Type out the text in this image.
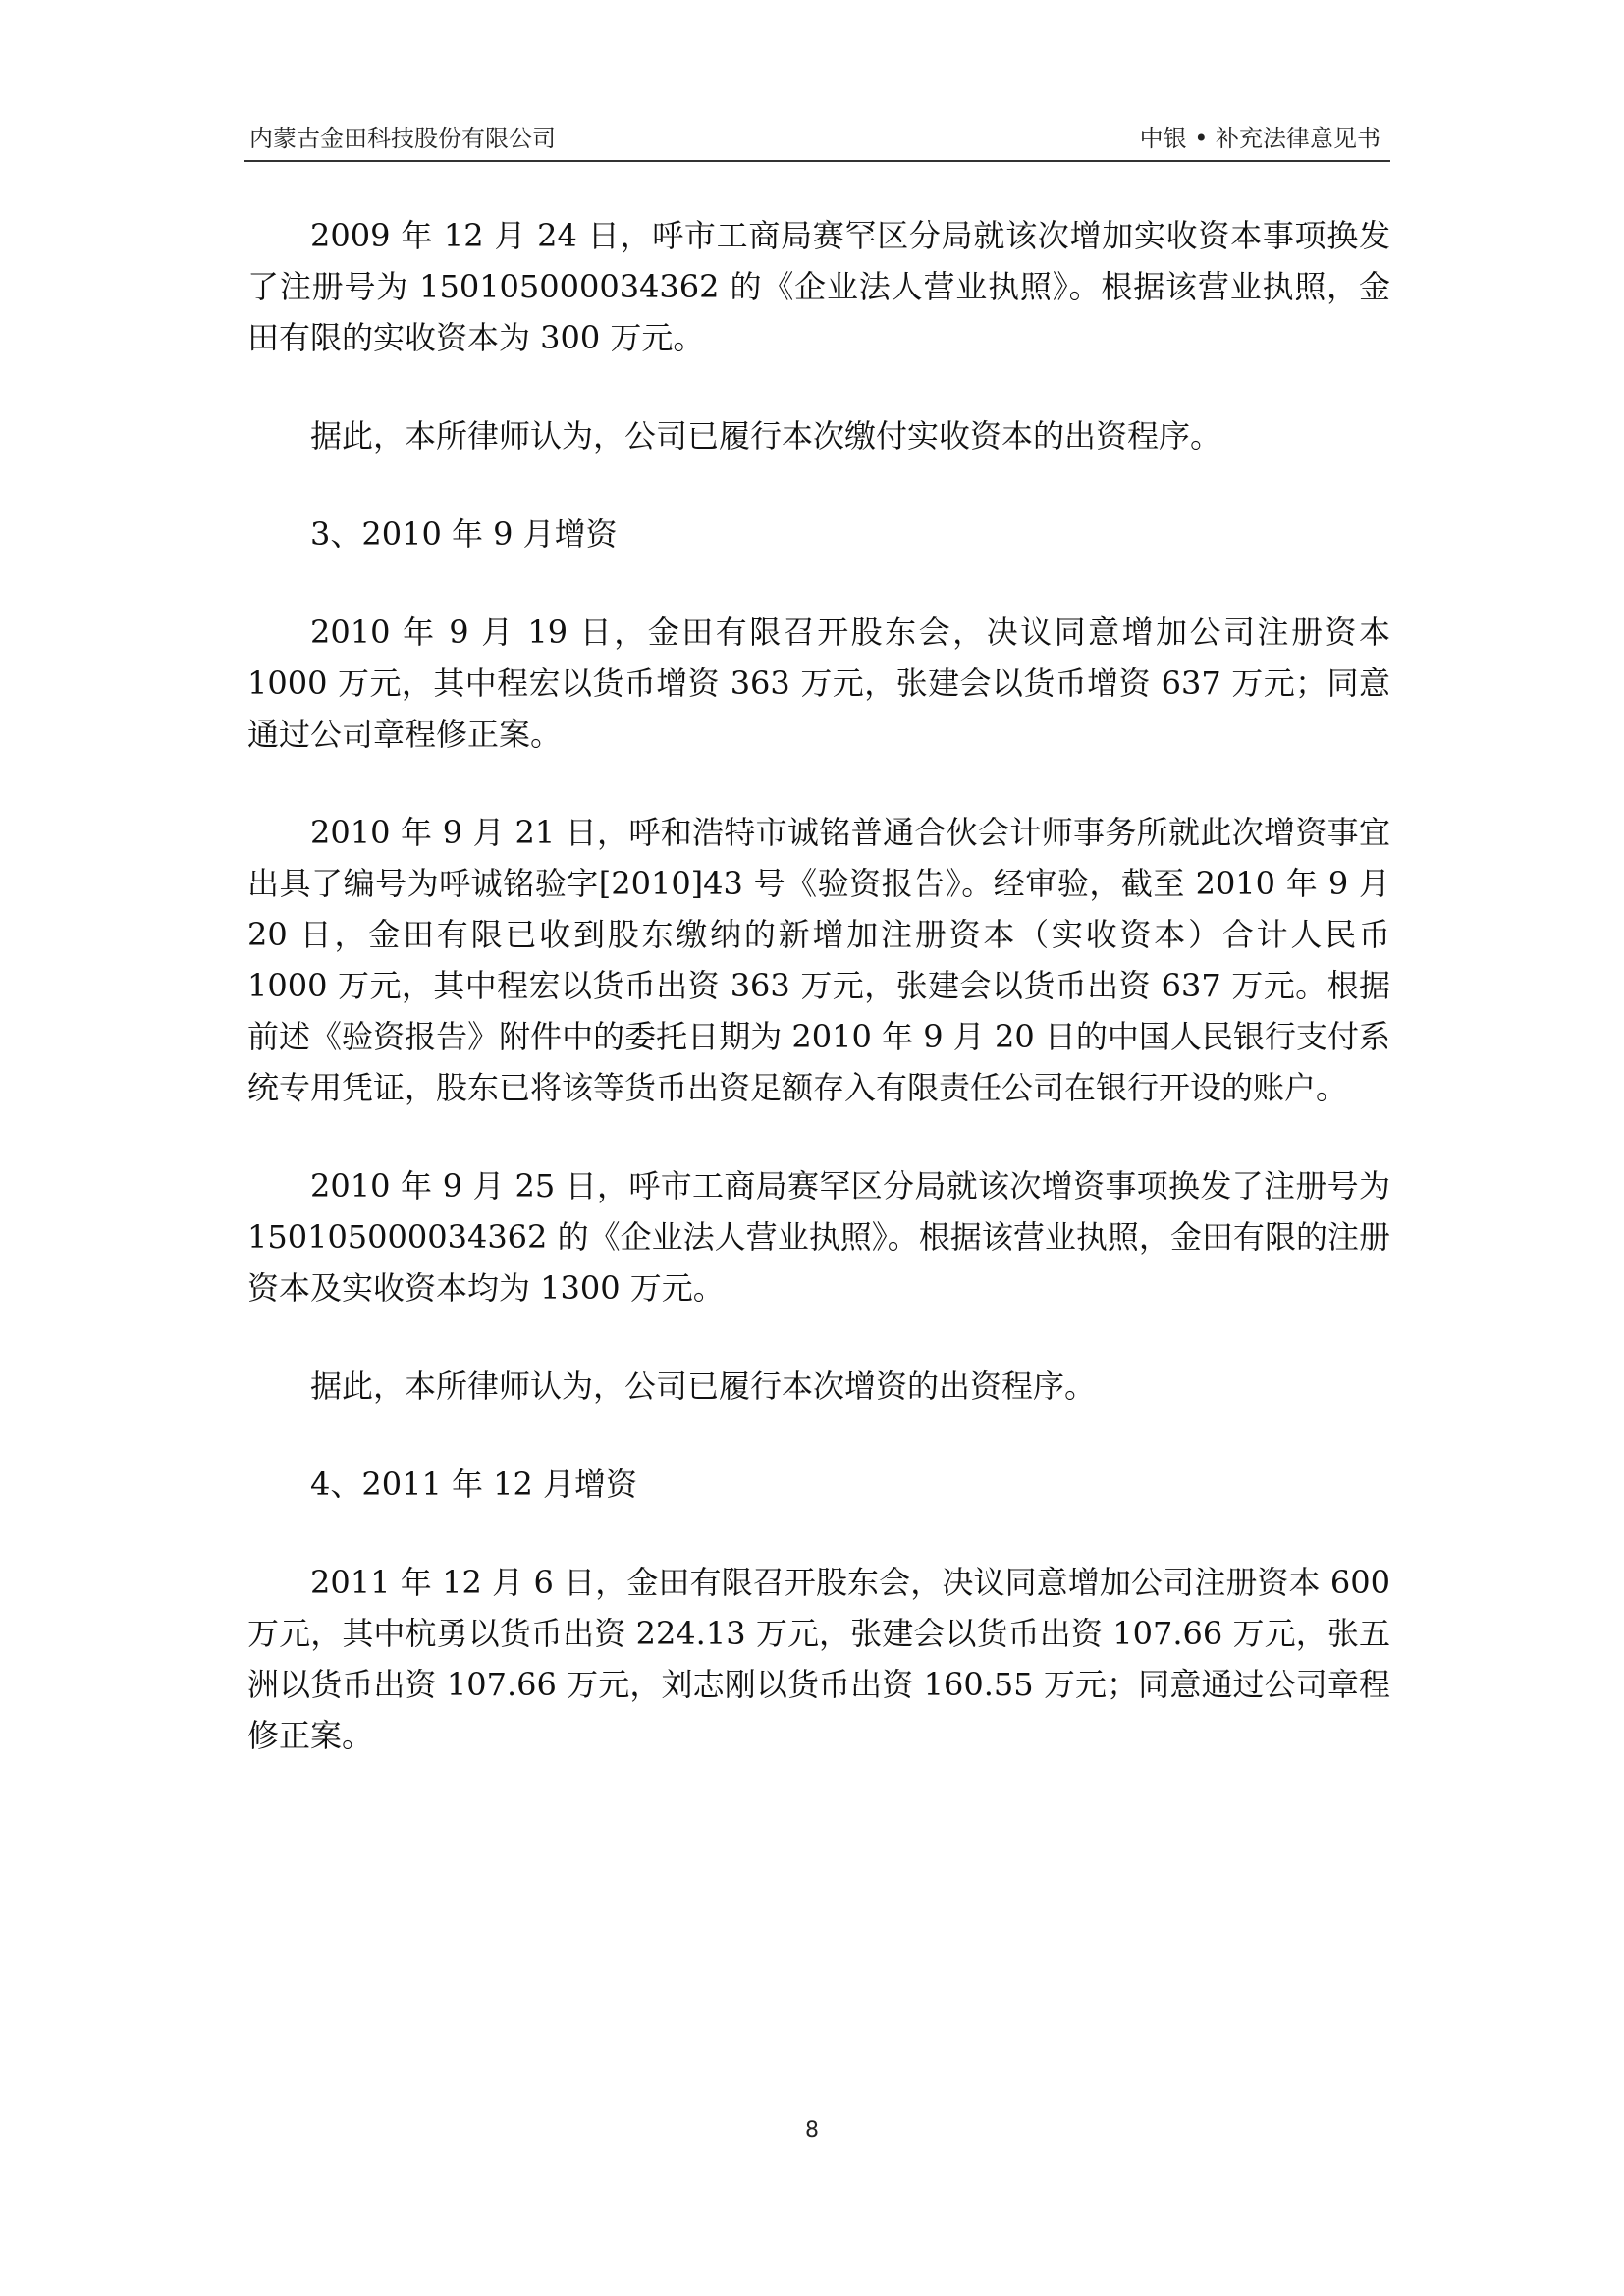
内蒙古金田科技股份有限公司	中银 • 补充法律意见书

2009 年 12 月 24 日，呼市工商局赛罕区分局就该次增加实收资本事项换发了注册号为 150105000034362 的《企业法人营业执照》。根据该营业执照，金田有限的实收资本为 300 万元。

据此，本所律师认为，公司已履行本次缴付实收资本的出资程序。

3、2010 年 9 月增资

2010 年 9 月 19 日，金田有限召开股东会，决议同意增加公司注册资本 1000 万元，其中程宏以货币增资 363 万元，张建会以货币增资 637 万元；同意通过公司章程修正案。

2010 年 9 月 21 日，呼和浩特市诚铭普通合伙会计师事务所就此次增资事宜出具了编号为呼诚铭验字[2010]43 号《验资报告》。经审验，截至 2010 年 9 月 20 日，金田有限已收到股东缴纳的新增加注册资本（实收资本）合计人民币 1000 万元，其中程宏以货币出资 363 万元，张建会以货币出资 637 万元。根据前述《验资报告》附件中的委托日期为 2010 年 9 月 20 日的中国人民银行支付系统专用凭证，股东已将该等货币出资足额存入有限责任公司在银行开设的账户。

2010 年 9 月 25 日，呼市工商局赛罕区分局就该次增资事项换发了注册号为 150105000034362 的《企业法人营业执照》。根据该营业执照，金田有限的注册资本及实收资本均为 1300 万元。

据此，本所律师认为，公司已履行本次增资的出资程序。

4、2011 年 12 月增资

2011 年 12 月 6 日，金田有限召开股东会，决议同意增加公司注册资本 600 万元，其中杭勇以货币出资 224.13 万元，张建会以货币出资 107.66 万元，张五洲以货币出资 107.66 万元，刘志刚以货币出资 160.55 万元；同意通过公司章程修正案。

8
